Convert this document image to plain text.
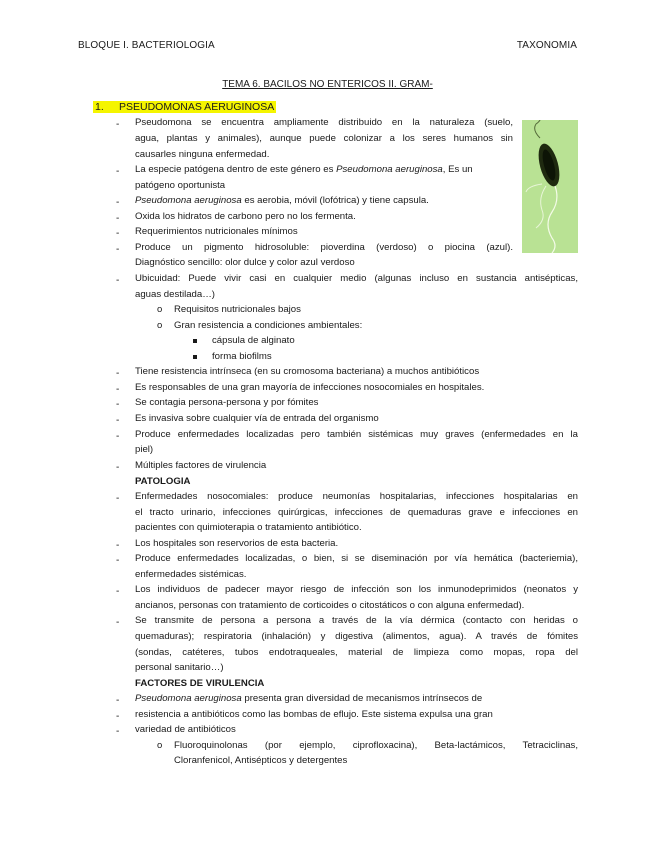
BLOQUE I. BACTERIOLOGIA	TAXONOMIA
TEMA 6. BACILOS NO ENTERICOS II. GRAM-
1. PSEUDOMONAS AERUGINOSA
- Pseudomona se encuentra ampliamente distribuido en la naturaleza (suelo,
agua, plantas y animales), aunque puede colonizar a los seres humanos sin
causarles ninguna enfermedad.
- La especie patógena dentro de este género es Pseudomona aeruginosa, Es un
patógeno oportunista
- Pseudomona aeruginosa es aerobia, móvil (lofótrica) y tiene capsula.
- Oxida los hidratos de carbono pero no los fermenta.
- Requerimientos nutricionales mínimos
- Produce un pigmento hidrosoluble: pioverdina (verdoso) o piocina (azul).
Diagnóstico sencillo: olor dulce y color azul verdoso
- Ubicuidad: Puede vivir casi en cualquier medio (algunas incluso en sustancia antisépticas,
aguas destilada…)
o Requisitos nutricionales bajos
o Gran resistencia a condiciones ambientales:
cápsula de alginato
forma biofilms
- Tiene resistencia intrínseca (en su cromosoma bacteriana) a muchos antibióticos
- Es responsables de una gran mayoría de infecciones nosocomiales en hospitales.
- Se contagia persona-persona y por fómites
- Es invasiva sobre cualquier vía de entrada del organismo
- Produce enfermedades localizadas pero también sistémicas muy graves (enfermedades en la
piel)
- Múltiples factores de virulencia
PATOLOGIA
- Enfermedades nosocomiales: produce neumonías hospitalarias, infecciones hospitalarias en
el tracto urinario, infecciones quirúrgicas, infecciones de quemaduras grave e infecciones en
pacientes con quimioterapia o tratamiento antibiótico.
- Los hospitales son reservorios de esta bacteria.
- Produce enfermedades localizadas, o bien, si se diseminación por vía hemática (bacteriemia),
enfermedades sistémicas.
- Los individuos de padecer mayor riesgo de infección son los inmunodeprimidos (neonatos y
ancianos, personas con tratamiento de corticoides o citostáticos o con alguna enfermedad).
- Se transmite de persona a persona a través de la vía dérmica (contacto con heridas o
quemaduras); respiratoria (inhalación) y digestiva (alimentos, agua). A través de fómites
(sondas, catéteres, tubos endotraqueales, material de limpieza como mopas, ropa del
personal sanitario…)
FACTORES DE VIRULENCIA
- Pseudomona aeruginosa presenta gran diversidad de mecanismos intrínsecos de
- resistencia a antibióticos como las bombas de eflujo. Este sistema expulsa una gran
- variedad de antibióticos
o Fluoroquinolonas (por ejemplo, ciprofloxacina), Beta-lactámicos, Tetraciclinas,
Cloranfenicol, Antisépticos y detergentes
